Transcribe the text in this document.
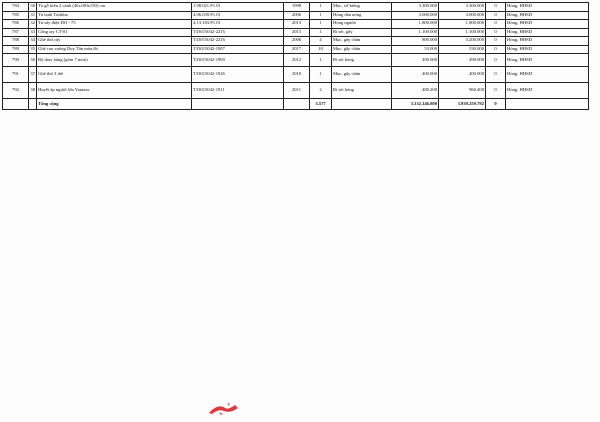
784	30	Tủ gỗ kiến 2 cánh (40x100x150) cm	1.98.021.P1.01	1998	1	Mục, vỡ kiếng	3.300.000	3.300.000	0	Hỏng, HHSD
785	31	Tủ lạnh Toshiba	4.06.039.P1.01	2006	1	Hỏng dàn nóng	3.000.000	3.000.000	0	Hỏng, HHSD
786	32	Tủ sấy điện DO - 75	4.13.183.P1.01	2013	1	Hỏng nguồn	1.800.000	1.800.000	0	Hỏng, HHSD
787	33	Công tay CT-01	T33015042-2215	2013	1	Rỉ sét, gãy	1.100.000	1.100.000	0	Hỏng, HHSD
788	34	Ghế thử cây	T33015042-2216	2006	4	Mục, gãy chân	800.000	3.200.000	0	Hỏng, HHSD
789	35	Ghế cao vuông Duy Tân màu đỏ	T33015042-1907	2017	10	Mục, gãy chân	53.000	530.000	0	Hỏng, HHSD
790	36	Bộ thay băng (gồm 7 món)	T33015042-1900	2012	1	Rỉ sét hỏng	490.000	490.000	0	Hỏng, HHSD
791	37	Ghế thử 3 thế	T33015042-1926	2010	1	Mục, gãy chân	400.000	400.000	0	Hỏng, HHSD
792	38	Huyết áp người lớn Yamasu	T33015042-1911	2011	2	Rỉ sét hỏng	480.200	960.400	0	Hỏng, HHSD
		Tổng cộng			3.577		3.332.146.800	3.939.259.792	0	
